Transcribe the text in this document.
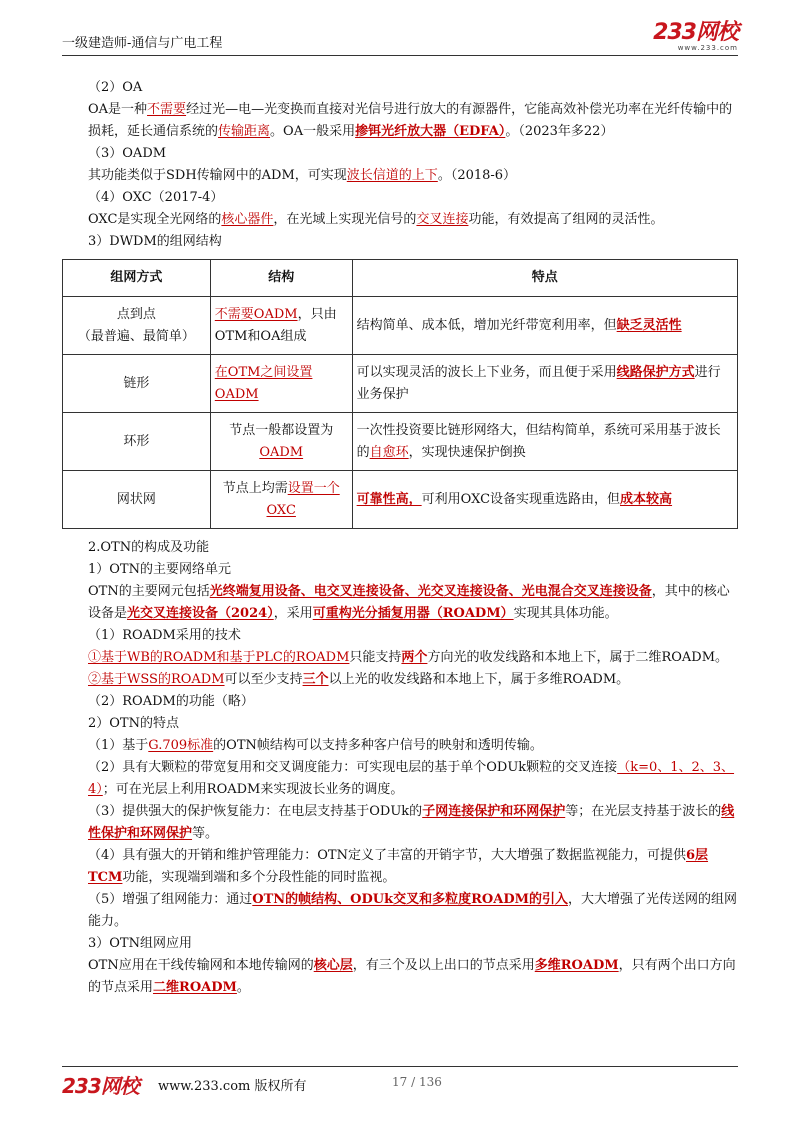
一级建造师-通信与广电工程	233网校
www.233.com

（2）OA

OA是一种不需要经过光—电—光变换而直接对光信号进行放大的有源器件，它能高效补偿光功率在光纤传输中的损耗，延长通信系统的传输距离。OA一般采用掺铒光纤放大器（EDFA）。（2023年多22）

（3）OADM

其功能类似于SDH传输网中的ADM，可实现波长信道的上下。（2018-6）

（4）OXC（2017-4）

OXC是实现全光网络的核心器件，在光域上实现光信号的交叉连接功能，有效提高了组网的灵活性。

3）DWDM的组网结构

组网方式	结构	特点
点到点
（最普遍、最简单）	不需要OADM，只由OTM和OA组成	结构简单、成本低，增加光纤带宽利用率，但缺乏灵活性
链形	在OTM之间设置OADM	可以实现灵活的波长上下业务，而且便于采用线路保护方式进行业务保护
环形	节点一般都设置为OADM	一次性投资要比链形网络大，但结构简单，系统可采用基于波长的自愈环，实现快速保护倒换
网状网	节点上均需设置一个OXC	可靠性高，可利用OXC设备实现重选路由，但成本较高

2.OTN的构成及功能

1）OTN的主要网络单元

OTN的主要网元包括光终端复用设备、电交叉连接设备、光交叉连接设备、光电混合交叉连接设备，其中的核心设备是光交叉连接设备（2024），采用可重构光分插复用器（ROADM）实现其具体功能。

（1）ROADM采用的技术

①基于WB的ROADM和基于PLC的ROADM只能支持两个方向光的收发线路和本地上下，属于二维ROADM。

②基于WSS的ROADM可以至少支持三个以上光的收发线路和本地上下，属于多维ROADM。

（2）ROADM的功能（略）

2）OTN的特点

（1）基于G.709标准的OTN帧结构可以支持多种客户信号的映射和透明传输。

（2）具有大颗粒的带宽复用和交叉调度能力：可实现电层的基于单个ODUk颗粒的交叉连接（k=0、1、2、3、4）；可在光层上利用ROADM来实现波长业务的调度。

（3）提供强大的保护恢复能力：在电层支持基于ODUk的子网连接保护和环网保护等；在光层支持基于波长的线性保护和环网保护等。

（4）具有强大的开销和维护管理能力：OTN定义了丰富的开销字节，大大增强了数据监视能力，可提供6层TCM功能，实现端到端和多个分段性能的同时监视。

（5）增强了组网能力：通过OTN的帧结构、ODUk交叉和多粒度ROADM的引入，大大增强了光传送网的组网能力。

3）OTN组网应用

OTN应用在干线传输网和本地传输网的核心层，有三个及以上出口的节点采用多维ROADM，只有两个出口方向的节点采用二维ROADM。

233网校 www.233.com 版权所有	17 / 136
